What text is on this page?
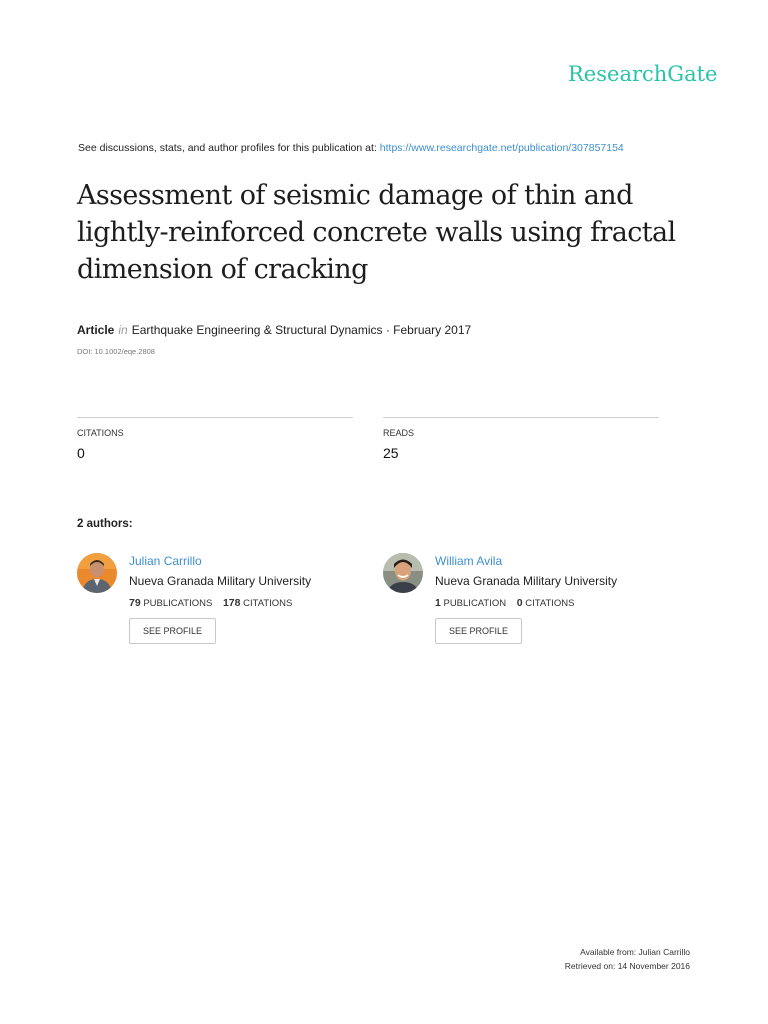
ResearchGate
See discussions, stats, and author profiles for this publication at: https://www.researchgate.net/publication/307857154
Assessment of seismic damage of thin and lightly-reinforced concrete walls using fractal dimension of cracking
Article in Earthquake Engineering & Structural Dynamics · February 2017
DOI: 10.1002/eqe.2808
CITATIONS
0
READS
25
2 authors:
Julian Carrillo
Nueva Granada Military University
79 PUBLICATIONS 178 CITATIONS
SEE PROFILE
William Avila
Nueva Granada Military University
1 PUBLICATION 0 CITATIONS
SEE PROFILE
Available from: Julian Carrillo
Retrieved on: 14 November 2016
